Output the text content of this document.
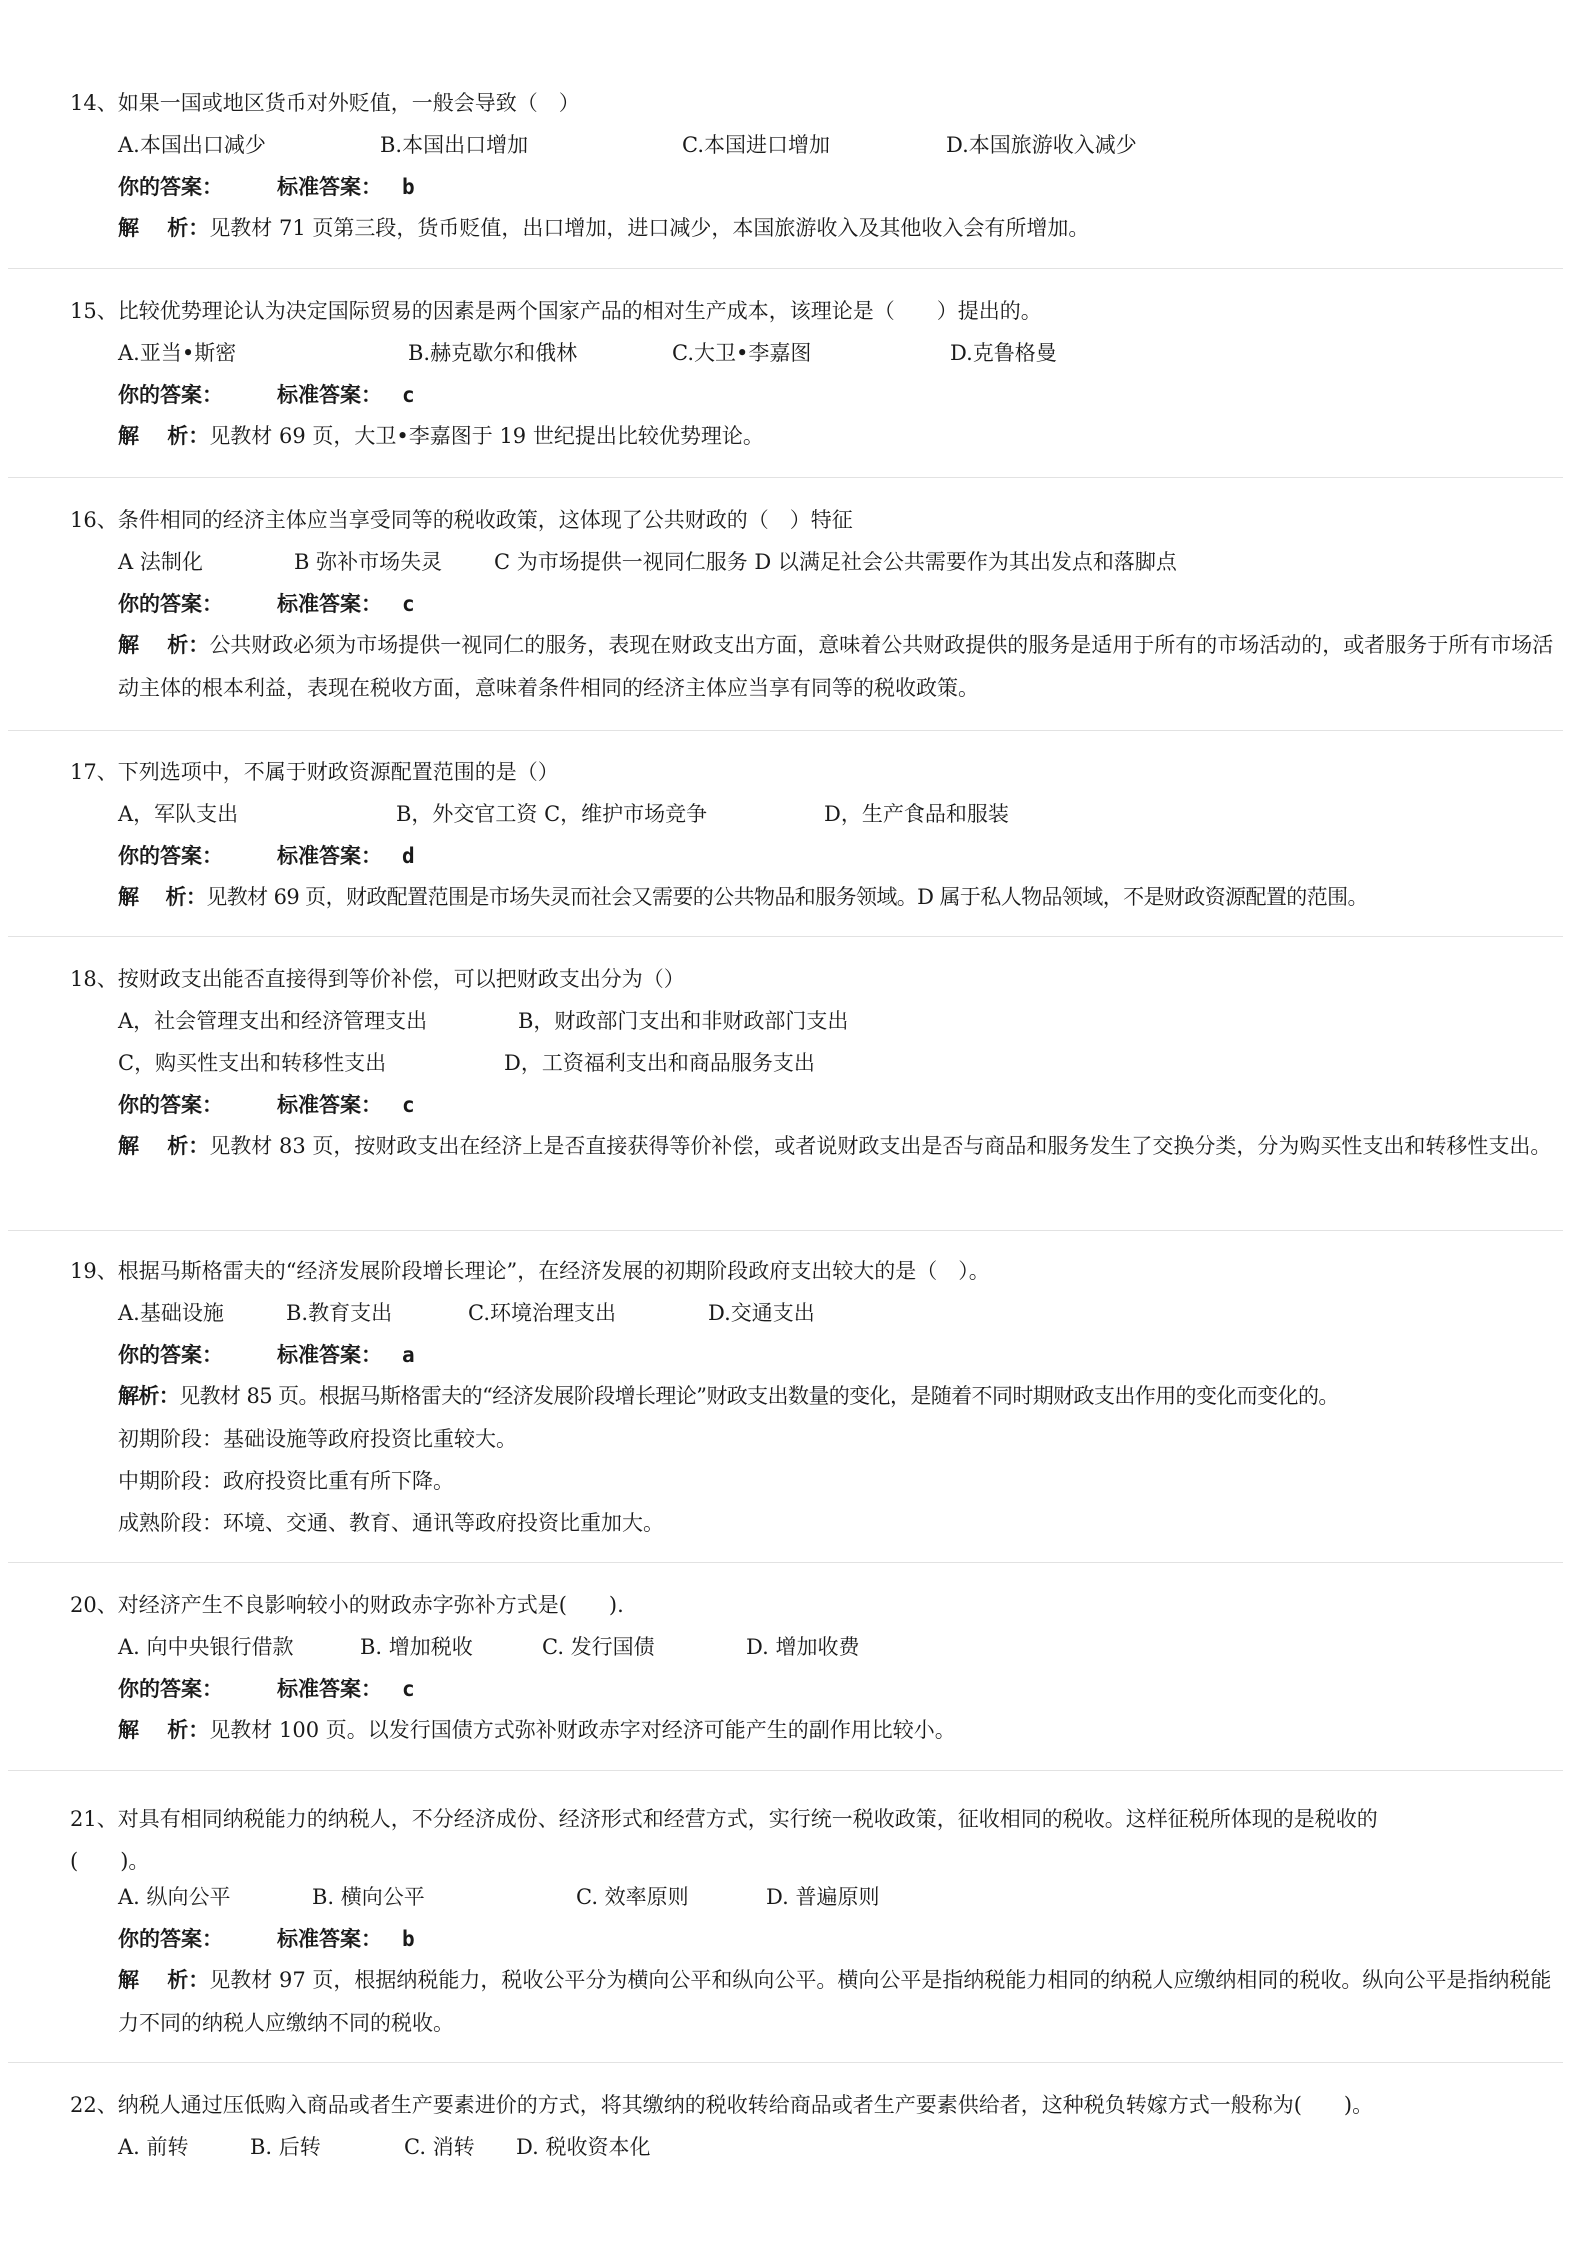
14、如果一国或地区货币对外贬值，一般会导致（　）
A.本国出口减少	B.本国出口增加	C.本国进口增加	D.本国旅游收入减少
你的答案：	标准答案： b
解　 析：见教材 71 页第三段，货币贬值，出口增加，进口减少，本国旅游收入及其他收入会有所增加。
15、比较优势理论认为决定国际贸易的因素是两个国家产品的相对生产成本，该理论是（　　）提出的。
A.亚当•斯密	B.赫克歇尔和俄林	C.大卫•李嘉图	D.克鲁格曼
你的答案：	标准答案： c
解　 析：见教材 69 页，大卫•李嘉图于 19 世纪提出比较优势理论。
16、条件相同的经济主体应当享受同等的税收政策，这体现了公共财政的（　）特征
A 法制化	B 弥补市场失灵 C 为市场提供一视同仁服务 D 以满足社会公共需要作为其出发点和落脚点
你的答案：	标准答案： c
解　 析：公共财政必须为市场提供一视同仁的服务，表现在财政支出方面，意味着公共财政提供的服务是适用于所有的市场活动的，或者服务于所有市场活动主体的根本利益，表现在税收方面，意味着条件相同的经济主体应当享有同等的税收政策。
17、下列选项中，不属于财政资源配置范围的是（）
A，军队支出	B，外交官工资 C，维护市场竞争	D，生产食品和服装
你的答案：	标准答案： d
解　 析：见教材 69 页，财政配置范围是市场失灵而社会又需要的公共物品和服务领域。D 属于私人物品领域，不是财政资源配置的范围。
18、按财政支出能否直接得到等价补偿，可以把财政支出分为（）
A，社会管理支出和经济管理支出	B，财政部门支出和非财政部门支出
C，购买性支出和转移性支出	D，工资福利支出和商品服务支出
你的答案：	标准答案： c
解　 析：见教材 83 页，按财政支出在经济上是否直接获得等价补偿，或者说财政支出是否与商品和服务发生了交换分类，分为购买性支出和转移性支出。
19、根据马斯格雷夫的“经济发展阶段增长理论”，在经济发展的初期阶段政府支出较大的是（　）。
A.基础设施	B.教育支出	C.环境治理支出	D.交通支出
你的答案：	标准答案： a
解析：见教材 85 页。根据马斯格雷夫的“经济发展阶段增长理论”财政支出数量的变化，是随着不同时期财政支出作用的变化而变化的。
初期阶段：基础设施等政府投资比重较大。
中期阶段：政府投资比重有所下降。
成熟阶段：环境、交通、教育、通讯等政府投资比重加大。
20、对经济产生不良影响较小的财政赤字弥补方式是(　　).
A. 向中央银行借款	B. 增加税收	C. 发行国债	D. 增加收费
你的答案：	标准答案： c
解　 析：见教材 100 页。以发行国债方式弥补财政赤字对经济可能产生的副作用比较小。
21、对具有相同纳税能力的纳税人，不分经济成份、经济形式和经营方式，实行统一税收政策，征收相同的税收。这样征税所体现的是税收的
(　　)。
A. 纵向公平	B. 横向公平	C. 效率原则	D. 普遍原则
你的答案：	标准答案： b
解　 析：见教材 97 页，根据纳税能力，税收公平分为横向公平和纵向公平。横向公平是指纳税能力相同的纳税人应缴纳相同的税收。纵向公平是指纳税能力不同的纳税人应缴纳不同的税收。
22、纳税人通过压低购入商品或者生产要素进价的方式，将其缴纳的税收转给商品或者生产要素供给者，这种税负转嫁方式一般称为(　　)。
A. 前转	B. 后转	C. 消转 D. 税收资本化
